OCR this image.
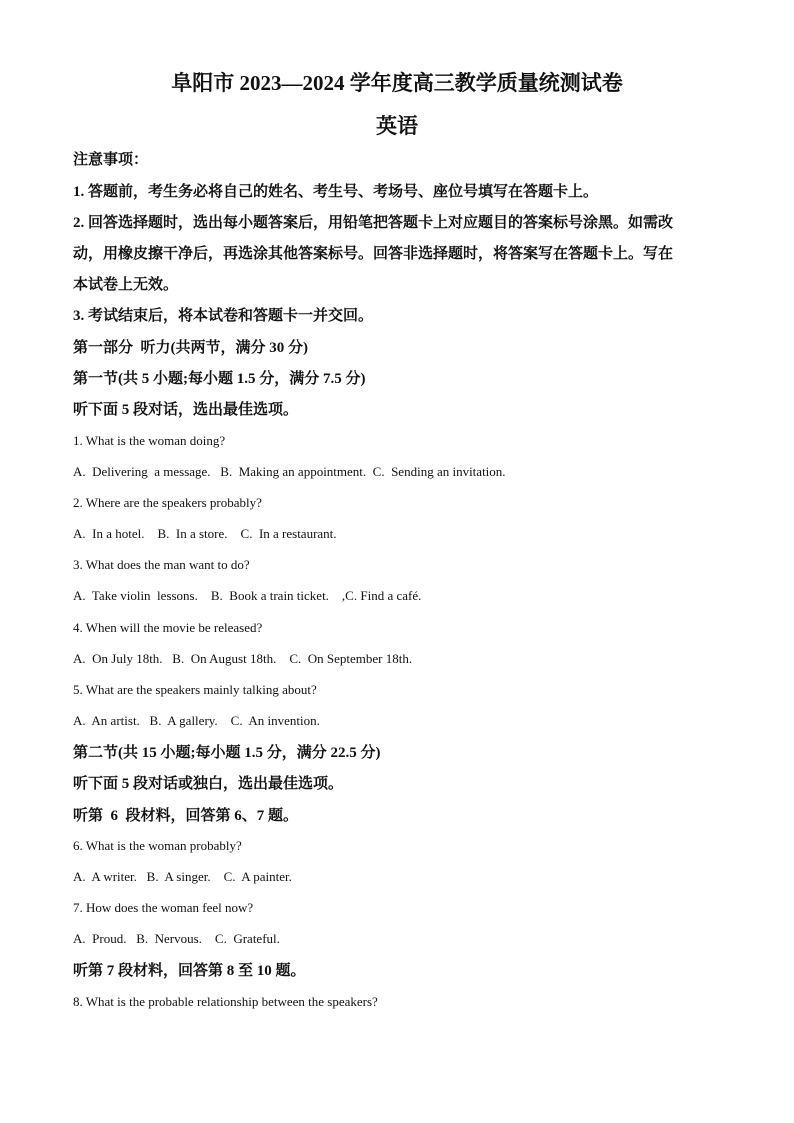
阜阳市 2023—2024 学年度高三教学质量统测试卷
英语
注意事项：
1. 答题前，考生务必将自己的姓名、考生号、考场号、座位号填写在答题卡上。
2. 回答选择题时，选出每小题答案后，用铅笔把答题卡上对应题目的答案标号涂黑。如需改
动，用橡皮擦干净后，再选涂其他答案标号。回答非选择题时，将答案写在答题卡上。写在
本试卷上无效。
3. 考试结束后，将本试卷和答题卡一并交回。
第一部分  听力(共两节，满分 30 分)
第一节(共 5 小题;每小题 1.5 分，满分 7.5 分)
听下面 5 段对话，选出最佳选项。
1. What is the woman doing?
A.  Delivering  a message.   B.  Making an appointment.  C.  Sending an invitation.
2. Where are the speakers probably?
A.  In a hotel.    B.  In a store.    C.  In a restaurant.
3. What does the man want to do?
A.  Take violin  lessons.    B.  Book a train ticket.    ,C. Find a café.
4. When will the movie be released?
A.  On July 18th.   B.  On August 18th.    C.  On September 18th.
5. What are the speakers mainly talking about?
A.  An artist.   B.  A gallery.    C.  An invention.
第二节(共 15 小题;每小题 1.5 分，满分 22.5 分)
听下面 5 段对话或独白，选出最佳选项。
听第  6  段材料，回答第 6、7 题。
6. What is the woman probably?
A.  A writer.   B.  A singer.    C.  A painter.
7. How does the woman feel now?
A.  Proud.   B.  Nervous.    C.  Grateful.
听第 7 段材料，回答第 8 至 10 题。
8. What is the probable relationship between the speakers?
